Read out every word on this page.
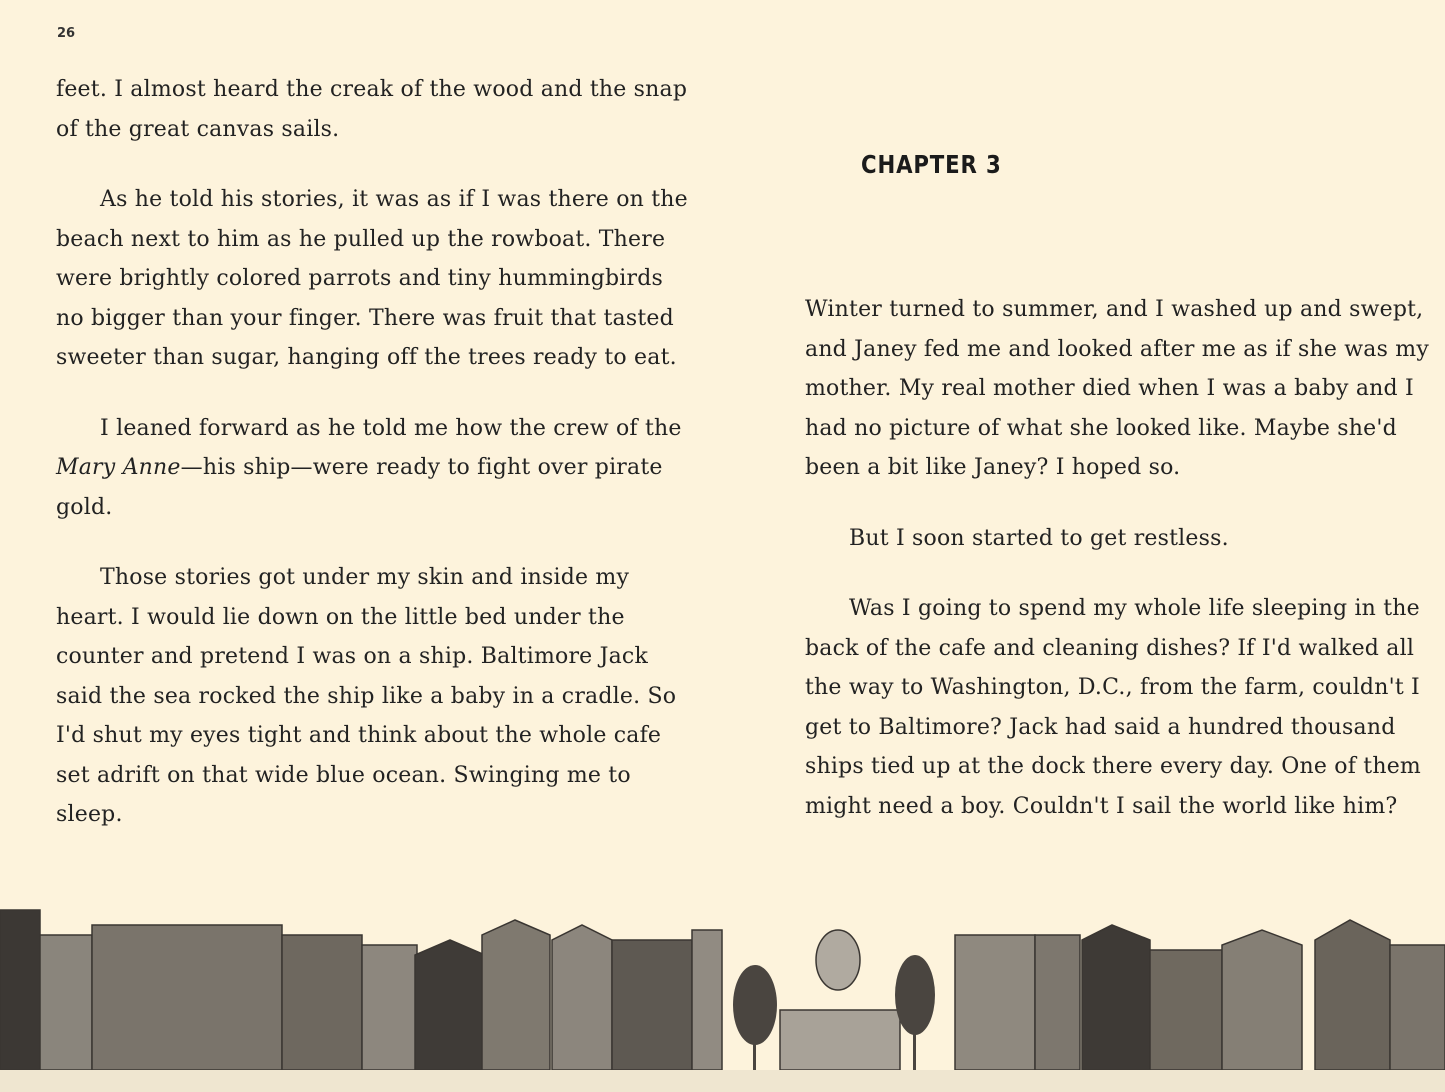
26

feet. I almost heard the creak of the wood and the snap of the great canvas sails.

As he told his stories, it was as if I was there on the beach next to him as he pulled up the rowboat. There were brightly colored parrots and tiny hummingbirds no bigger than your finger. There was fruit that tasted sweeter than sugar, hanging off the trees ready to eat.

I leaned forward as he told me how the crew of the Mary Anne—his ship—were ready to fight over pirate gold.

Those stories got under my skin and inside my heart. I would lie down on the little bed under the counter and pretend I was on a ship. Baltimore Jack said the sea rocked the ship like a baby in a cradle. So I'd shut my eyes tight and think about the whole cafe set adrift on that wide blue ocean. Swinging me to sleep.

CHAPTER 3

Winter turned to summer, and I washed up and swept, and Janey fed me and looked after me as if she was my mother. My real mother died when I was a baby and I had no picture of what she looked like. Maybe she'd been a bit like Janey? I hoped so.

But I soon started to get restless.

Was I going to spend my whole life sleeping in the back of the cafe and cleaning dishes? If I'd walked all the way to Washington, D.C., from the farm, couldn't I get to Baltimore? Jack had said a hundred thousand ships tied up at the dock there every day. One of them might need a boy. Couldn't I sail the world like him?
